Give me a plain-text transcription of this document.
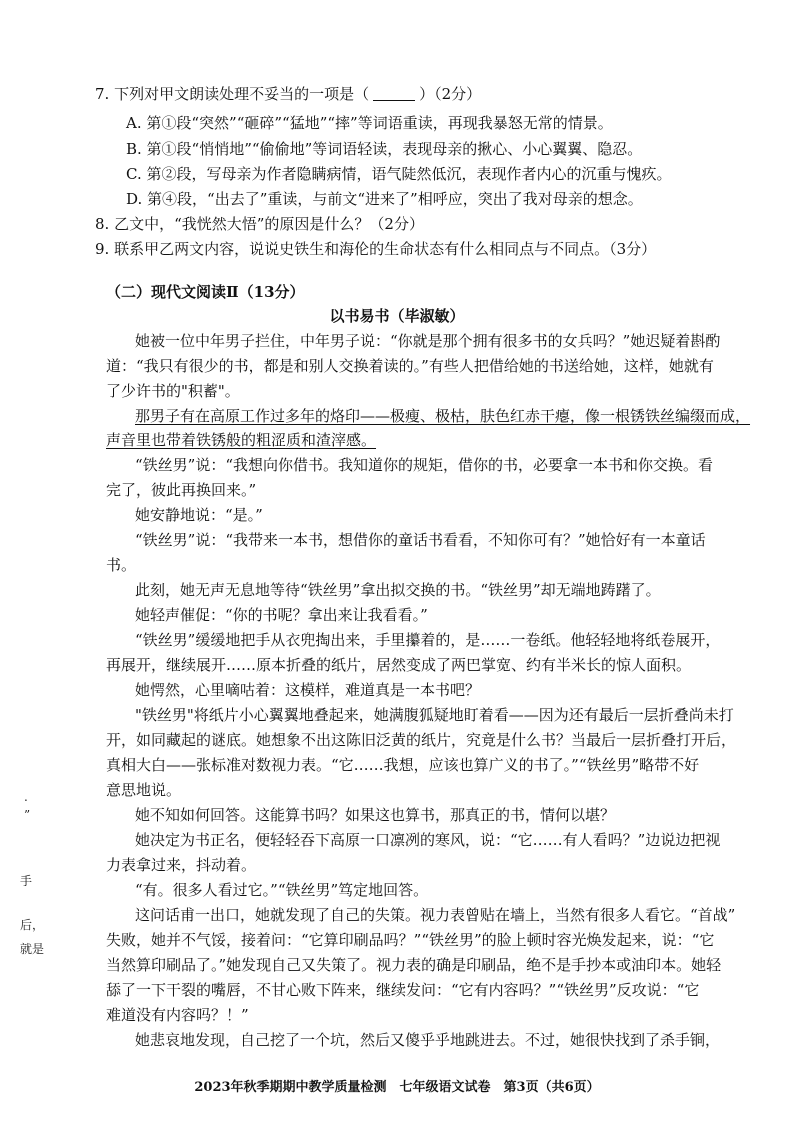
7. 下列对甲文朗读处理不妥当的一项是（	）（2分）
A. 第①段“突然”“砸碎”“猛地”“摔”等词语重读，再现我暴怒无常的情景。
B. 第①段“悄悄地”“偷偷地”等词语轻读，表现母亲的揪心、小心翼翼、隐忍。
C. 第②段，写母亲为作者隐瞒病情，语气陡然低沉，表现作者内心的沉重与愧疚。
D. 第④段，“出去了”重读，与前文“进来了”相呼应，突出了我对母亲的想念。
8. 乙文中，“我恍然大悟”的原因是什么？（2分）
9. 联系甲乙两文内容，说说史铁生和海伦的生命状态有什么相同点与不同点。（3分）
（二）现代文阅读Ⅱ（13分）
以书易书（毕淑敏）
她被一位中年男子拦住，中年男子说：“你就是那个拥有很多书的女兵吗？”她迟疑着斟酌
道：“我只有很少的书，都是和别人交换着读的。”有些人把借给她的书送给她，这样，她就有
了少许书的"积蓄"。
那男子有在高原工作过多年的烙印——极瘦、极枯，肤色红赤干瘪，像一根锈铁丝编缀而成，
声音里也带着铁锈般的粗涩质和渣滓感。
“铁丝男”说：“我想向你借书。我知道你的规矩，借你的书，必要拿一本书和你交换。看
完了，彼此再换回来。”
她安静地说：“是。”
“铁丝男”说：“我带来一本书，想借你的童话书看看，不知你可有？”她恰好有一本童话
书。
此刻，她无声无息地等待“铁丝男”拿出拟交换的书。“铁丝男”却无端地踌躇了。
她轻声催促：“你的书呢？拿出来让我看看。”
“铁丝男”缓缓地把手从衣兜掏出来，手里攥着的，是……一卷纸。他轻轻地将纸卷展开，
再展开，继续展开……原本折叠的纸片，居然变成了两巴掌宽、约有半米长的惊人面积。
她愕然，心里嘀咕着：这模样，难道真是一本书吧？
"铁丝男"将纸片小心翼翼地叠起来，她满腹狐疑地盯着看——因为还有最后一层折叠尚未打
开，如同藏起的谜底。她想象不出这陈旧泛黄的纸片，究竟是什么书？当最后一层折叠打开后，
真相大白——张标准对数视力表。“它……我想，应该也算广义的书了。”“铁丝男”略带不好
意思地说。
她不知如何回答。这能算书吗？如果这也算书，那真正的书，情何以堪？
她决定为书正名，便轻轻吞下高原一口凛冽的寒风，说：“它……有人看吗？”边说边把视
力表拿过来，抖动着。
“有。很多人看过它。”“铁丝男”笃定地回答。
这问话甫一出口，她就发现了自己的失策。视力表曾贴在墙上，当然有很多人看它。“首战”
失败，她并不气馁，接着问：“它算印刷品吗？”“铁丝男”的脸上顿时容光焕发起来，说：“它
当然算印刷品了。”她发现自己又失策了。视力表的确是印刷品，绝不是手抄本或油印本。她轻
舔了一下干裂的嘴唇，不甘心败下阵来，继续发问：“它有内容吗？”“铁丝男”反攻说：“它
难道没有内容吗？！”
她悲哀地发现，自己挖了一个坑，然后又傻乎乎地跳进去。不过，她很快找到了杀手锏，
2023年秋季期期中教学质量检测　七年级语文试卷　第3页（共6页）
.
”
手
后，
就是
